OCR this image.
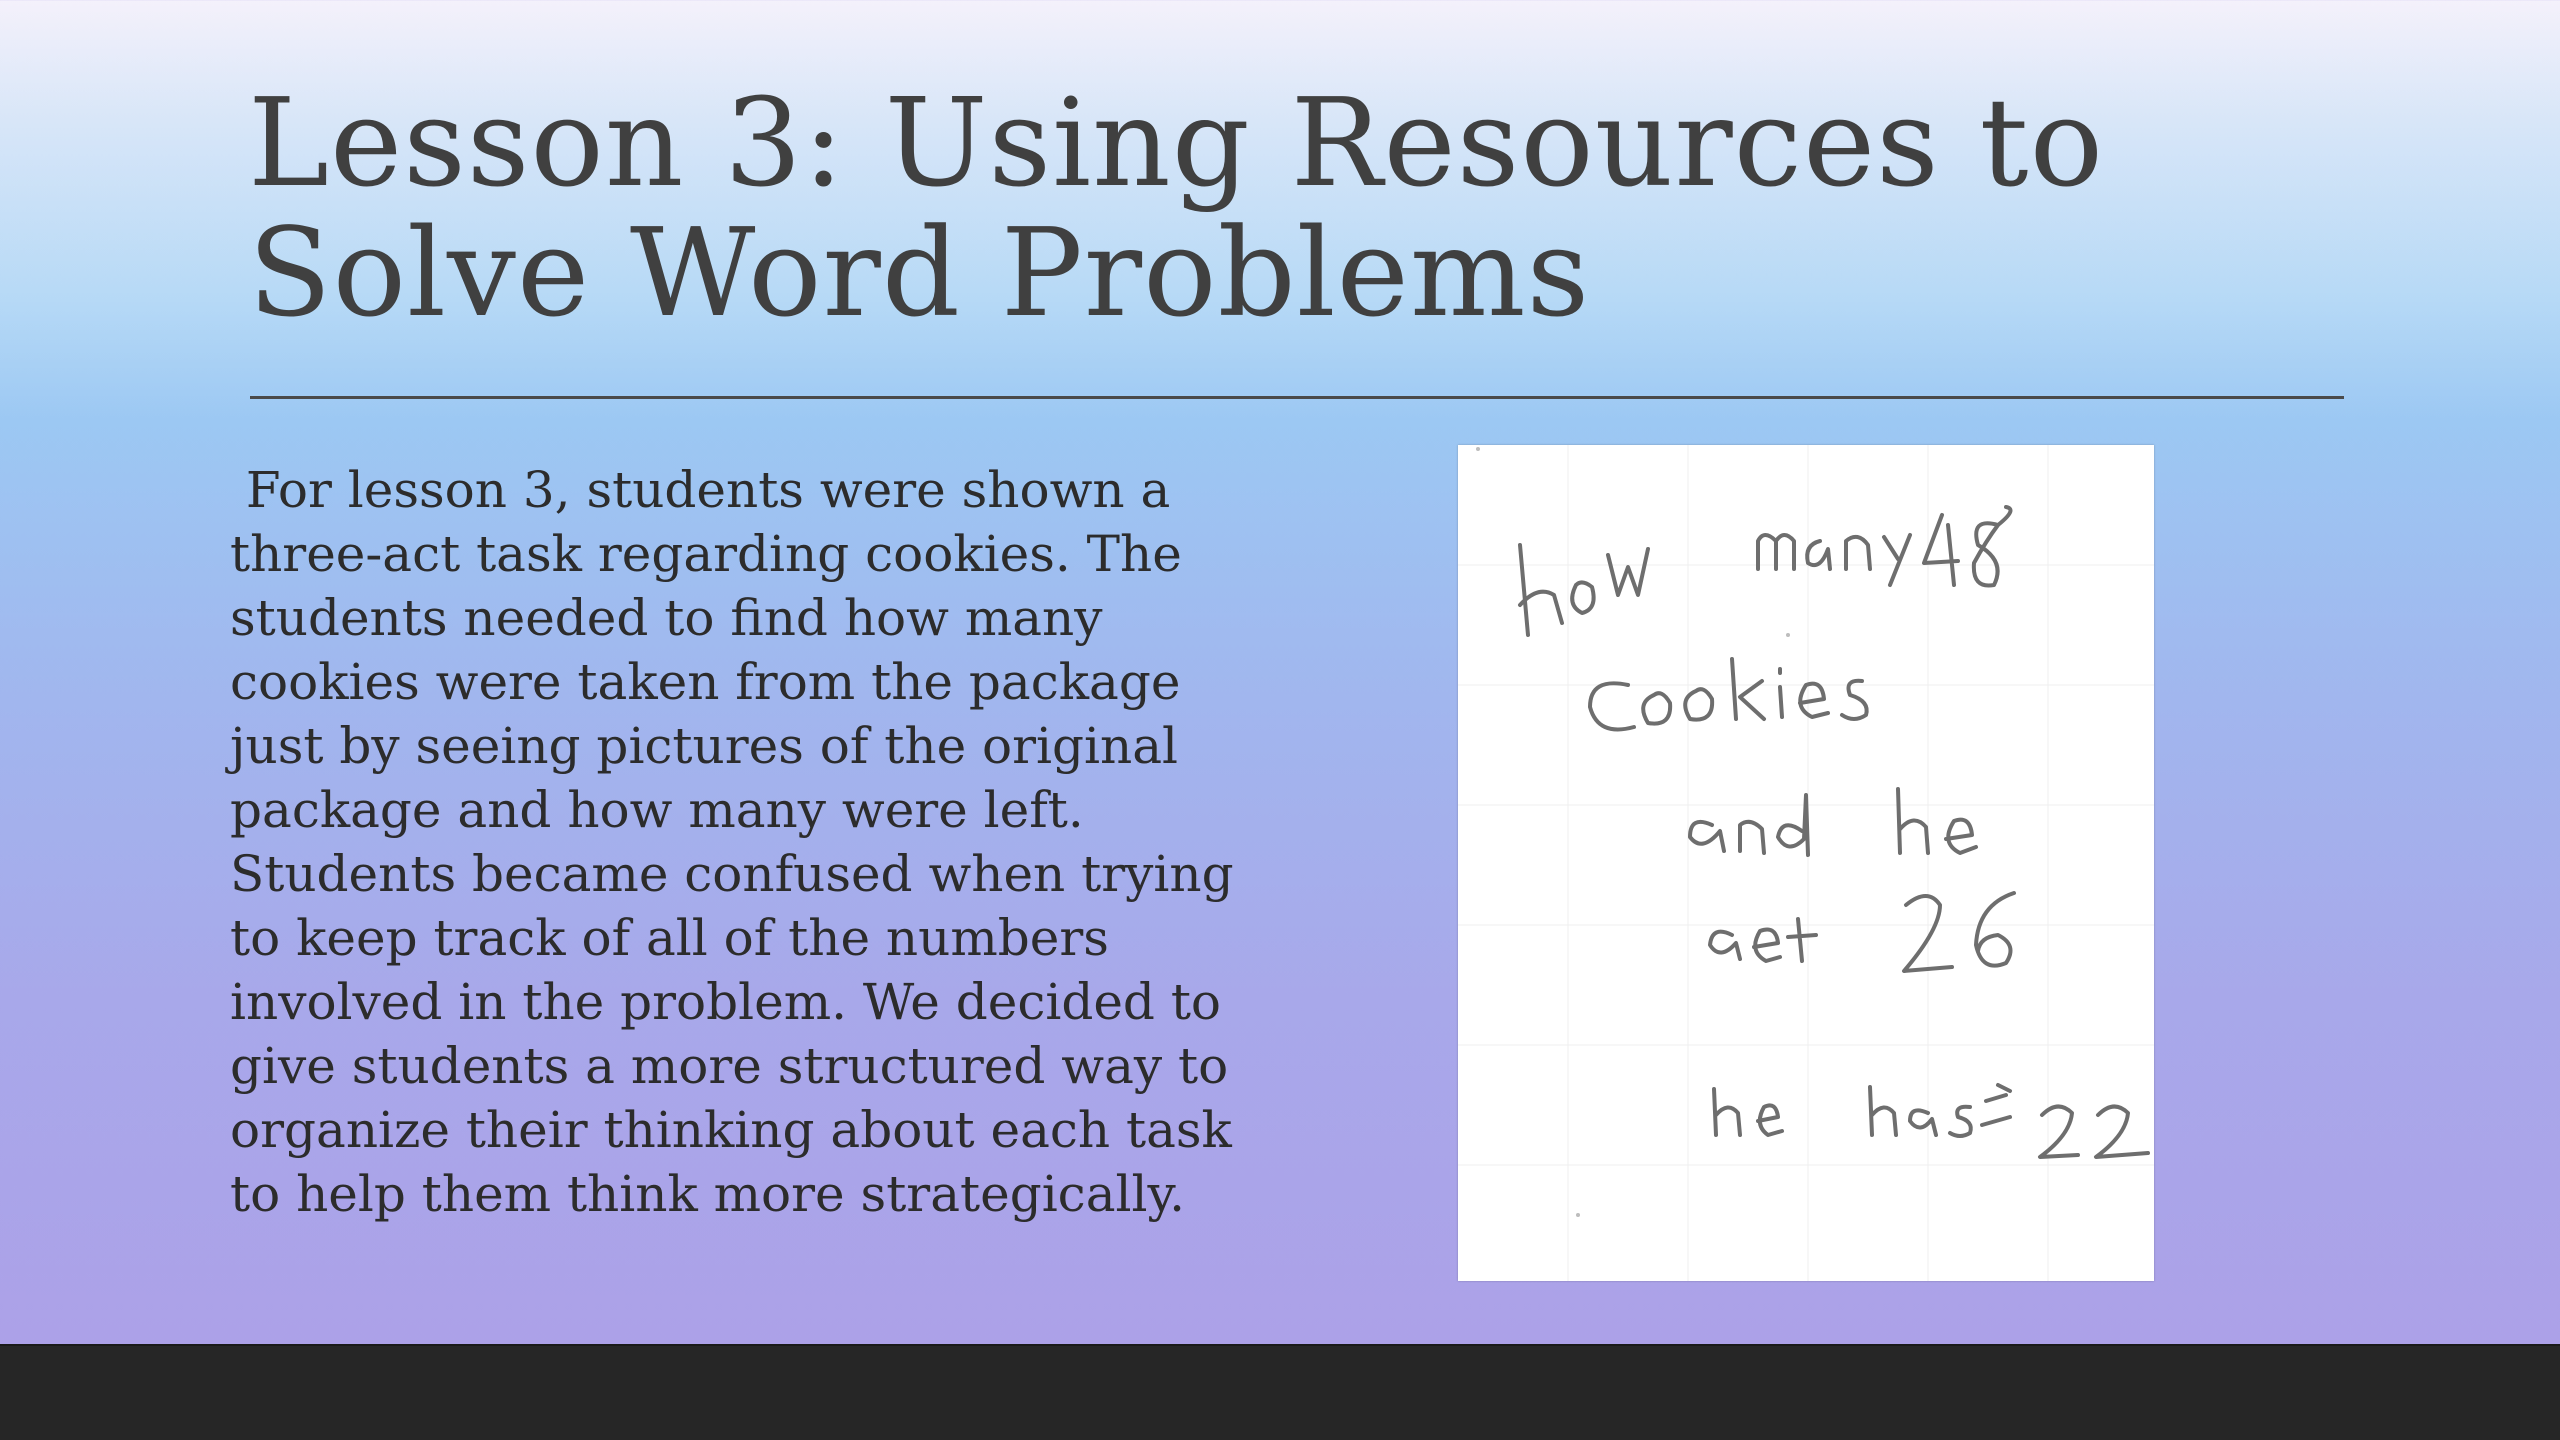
Lesson 3: Using Resources to
Solve Word Problems

For lesson 3, students were shown a
three-act task regarding cookies. The
students needed to find how many
cookies were taken from the package
just by seeing pictures of the original
package and how many were left.
Students became confused when trying
to keep track of all of the numbers
involved in the problem. We decided to
give students a more structured way to
organize their thinking about each task
to help them think more strategically.
